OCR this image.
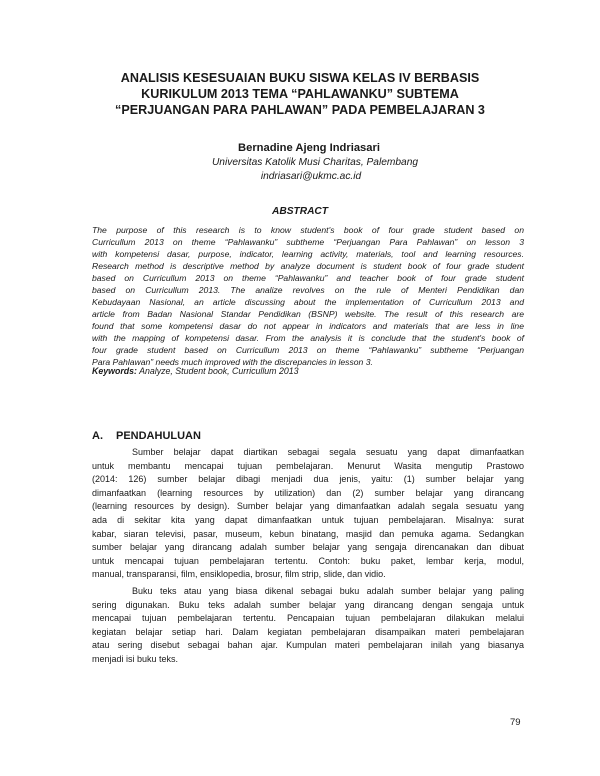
ANALISIS KESESUAIAN BUKU SISWA KELAS IV BERBASIS
KURIKULUM 2013 TEMA “PAHLAWANKU” SUBTEMA
“PERJUANGAN PARA PAHLAWAN” PADA PEMBELAJARAN 3

Bernadine Ajeng Indriasari

Universitas Katolik Musi Charitas, Palembang

indriasari@ukmc.ac.id

ABSTRACT

The purpose of this research is to know student's book of four grade student based on
Curricullum 2013 on theme “Pahlawanku” subtheme “Perjuangan Para Pahlawan” on lesson 3
with kompetensi dasar, purpose, indicator, learning activity, materials, tool and learning resources.
Research method is descriptive method by analyze document is student book of four grade student
based on Curricullum 2013 on theme “Pahlawanku” and teacher book of four grade student
based on Curricullum 2013. The analize revolves on the rule of Menteri Pendidikan dan
Kebudayaan Nasional, an article discussing about the implementation of Curricullum 2013 and
article from Badan Nasional Standar Pendidikan (BSNP) website. The result of this research are
found that some kompetensi dasar do not appear in indicators and materials that are less in line
with the mapping of kompetensi dasar. From the analysis it is conclude that the student's book of
four grade student based on Curricullum 2013 on theme “Pahlawanku” subtheme “Perjuangan
Para Pahlawan” needs much improved with the discrepancies in lesson 3.

Keywords: Analyze, Student book, Curricullum 2013

A. PENDAHULUAN
Sumber belajar dapat diartikan sebagai segala sesuatu yang dapat dimanfaatkan
untuk membantu mencapai tujuan pembelajaran. Menurut Wasita mengutip Prastowo
(2014: 126) sumber belajar dibagi menjadi dua jenis, yaitu: (1) sumber belajar yang
dimanfaatkan (learning resources by utilization) dan (2) sumber belajar yang dirancang
(learning resources by design). Sumber belajar yang dimanfaatkan adalah segala sesuatu yang
ada di sekitar kita yang dapat dimanfaatkan untuk tujuan pembelajaran. Misalnya: surat
kabar, siaran televisi, pasar, museum, kebun binatang, masjid dan pemuka agama. Sedangkan
sumber belajar yang dirancang adalah sumber belajar yang sengaja direncanakan dan dibuat
untuk mencapai tujuan pembelajaran tertentu. Contoh: buku paket, lembar kerja, modul,
manual, transparansi, film, ensiklopedia, brosur, film strip, slide, dan vidio.
Buku teks atau yang biasa dikenal sebagai buku adalah sumber belajar yang paling
sering digunakan. Buku teks adalah sumber belajar yang dirancang dengan sengaja untuk
mencapai tujuan pembelajaran tertentu. Pencapaian tujuan pembelajaran dilakukan melalui
kegiatan belajar setiap hari. Dalam kegiatan pembelajaran disampaikan materi pembelajaran
atau sering disebut sebagai bahan ajar. Kumpulan materi pembelajaran inilah yang biasanya
menjadi isi buku teks.

79
